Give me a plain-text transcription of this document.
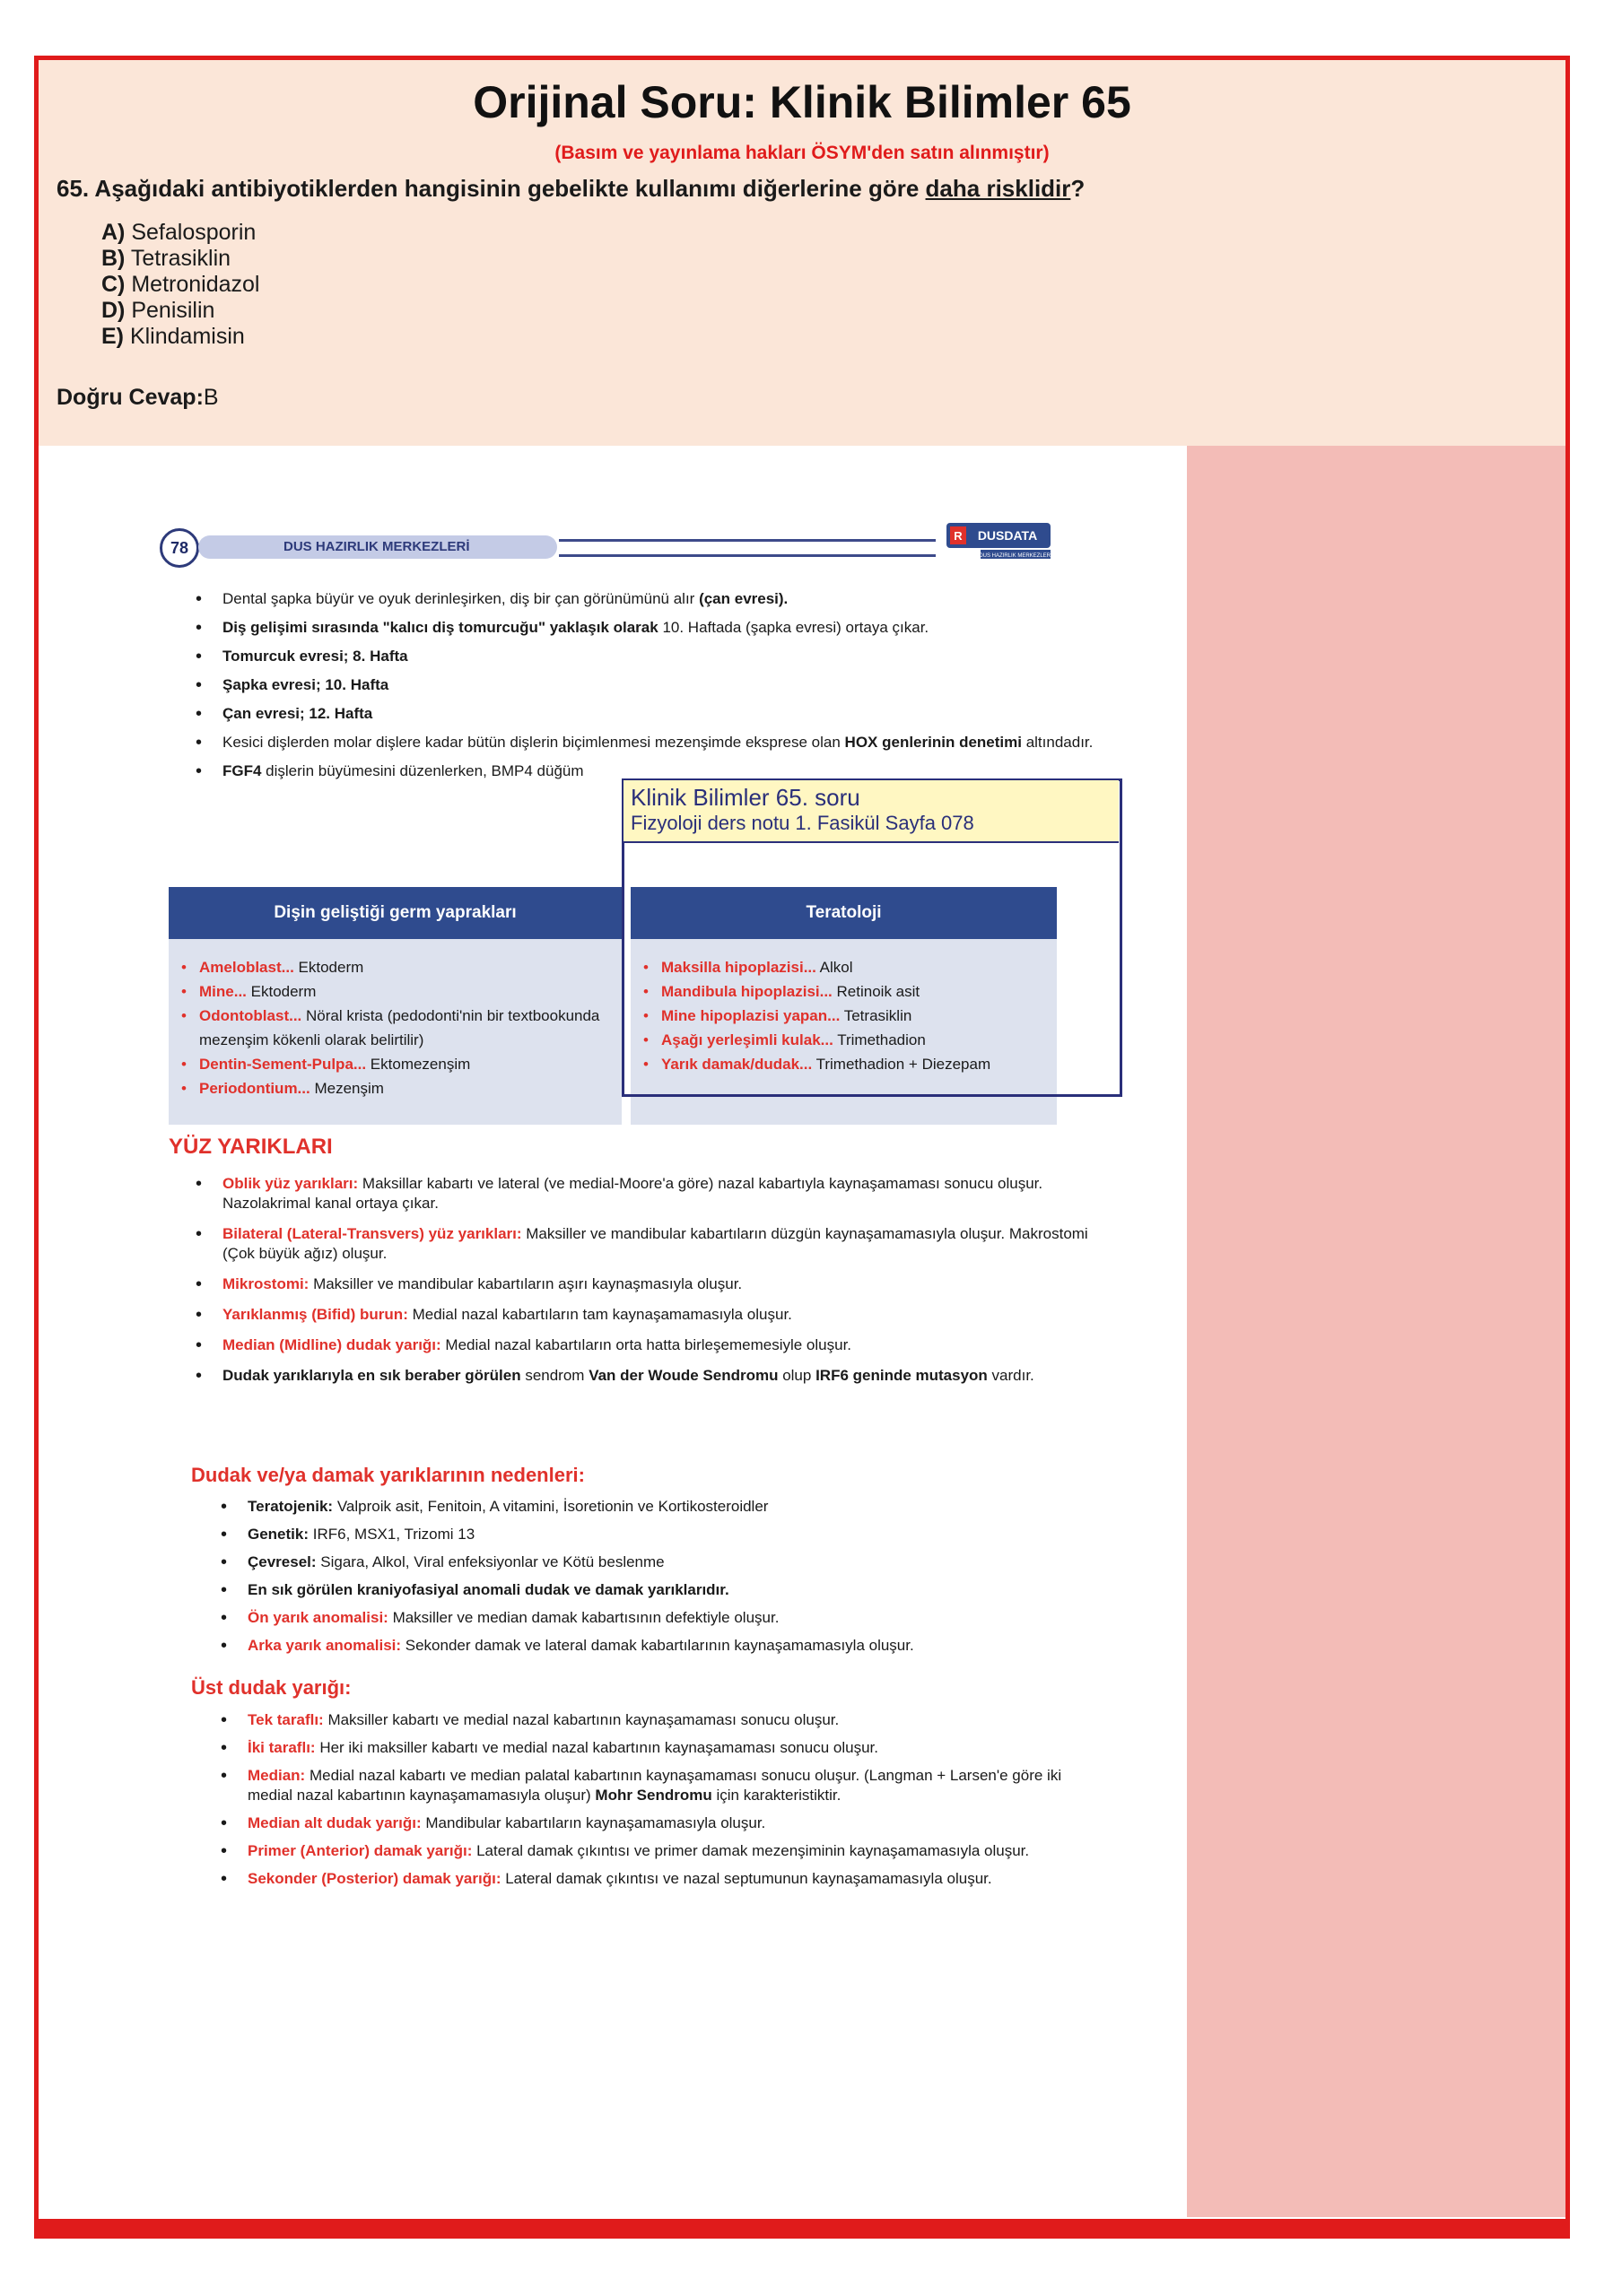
Orijinal Soru: Klinik Bilimler 65
(Basım ve yayınlama hakları ÖSYM'den satın alınmıştır)
65. Aşağıdaki antibiyotiklerden hangisinin gebelikte kullanımı diğerlerine göre daha risklidir?
A) Sefalosporin
B) Tetrasiklin
C) Metronidazol
D) Penisilin
E) Klindamisin
Doğru Cevap:B
78	DUS HAZIRLIK MERKEZLERİ
R DUSDATA
DUS HAZIRLIK MERKEZLERİ
• Dental şapka büyür ve oyuk derinleşirken, diş bir çan görünümünü alır (çan evresi).
• Diş gelişimi sırasında "kalıcı diş tomurcuğu" yaklaşık olarak 10. Haftada (şapka evresi) ortaya çıkar.
• Tomurcuk evresi; 8. Hafta
• Şapka evresi; 10. Hafta
• Çan evresi; 12. Hafta
• Kesici dişlerden molar dişlere kadar bütün dişlerin biçimlenmesi mezenşimde eksprese olan HOX genlerinin denetimi altındadır.
• FGF4 dişlerin büyümesini düzenlerken, BMP4 düğüm
Dişin geliştiği germ yaprakları
• Ameloblast... Ektoderm
• Mine... Ektoderm
• Odontoblast... Nöral krista (pedodonti'nin bir textbookunda mezenşim kökenli olarak belirtilir)
• Dentin-Sement-Pulpa... Ektomezenşim
• Periodontium... Mezenşim
Teratoloji
• Maksilla hipoplazisi... Alkol
• Mandibula hipoplazisi... Retinoik asit
• Mine hipoplazisi yapan... Tetrasiklin
• Aşağı yerleşimli kulak... Trimethadion
• Yarık damak/dudak... Trimethadion + Diezepam
Klinik Bilimler 65. soru
Fizyoloji ders notu 1. Fasikül Sayfa 078
YÜZ YARIKLARI
• Oblik yüz yarıkları: Maksillar kabartı ve lateral (ve medial-Moore'a göre) nazal kabartıyla kaynaşamaması sonucu oluşur. Nazolakrimal kanal ortaya çıkar.
• Bilateral (Lateral-Transvers) yüz yarıkları: Maksiller ve mandibular kabartıların düzgün kaynaşamamasıyla oluşur. Makrostomi (Çok büyük ağız) oluşur.
• Mikrostomi: Maksiller ve mandibular kabartıların aşırı kaynaşmasıyla oluşur.
• Yarıklanmış (Bifid) burun: Medial nazal kabartıların tam kaynaşamamasıyla oluşur.
• Median (Midline) dudak yarığı: Medial nazal kabartıların orta hatta birleşememesiyle oluşur.
• Dudak yarıklarıyla en sık beraber görülen sendrom Van der Woude Sendromu olup IRF6 geninde mutasyon vardır.
Dudak ve/ya damak yarıklarının nedenleri:
• Teratojenik: Valproik asit, Fenitoin, A vitamini, İsoretionin ve Kortikosteroidler
• Genetik: IRF6, MSX1, Trizomi 13
• Çevresel: Sigara, Alkol, Viral enfeksiyonlar ve Kötü beslenme
• En sık görülen kraniyofasiyal anomali dudak ve damak yarıklarıdır.
• Ön yarık anomalisi: Maksiller ve median damak kabartısının defektiyle oluşur.
• Arka yarık anomalisi: Sekonder damak ve lateral damak kabartılarının kaynaşamamasıyla oluşur.
Üst dudak yarığı:
• Tek taraflı: Maksiller kabartı ve medial nazal kabartının kaynaşamaması sonucu oluşur.
• İki taraflı: Her iki maksiller kabartı ve medial nazal kabartının kaynaşamaması sonucu oluşur.
• Median: Medial nazal kabartı ve median palatal kabartının kaynaşamaması sonucu oluşur. (Langman + Larsen'e göre iki medial nazal kabartının kaynaşamamasıyla oluşur) Mohr Sendromu için karakteristiktir.
• Median alt dudak yarığı: Mandibular kabartıların kaynaşamamasıyla oluşur.
• Primer (Anterior) damak yarığı: Lateral damak çıkıntısı ve primer damak mezenşiminin kaynaşamamasıyla oluşur.
• Sekonder (Posterior) damak yarığı: Lateral damak çıkıntısı ve nazal septumunun kaynaşamamasıyla oluşur.
